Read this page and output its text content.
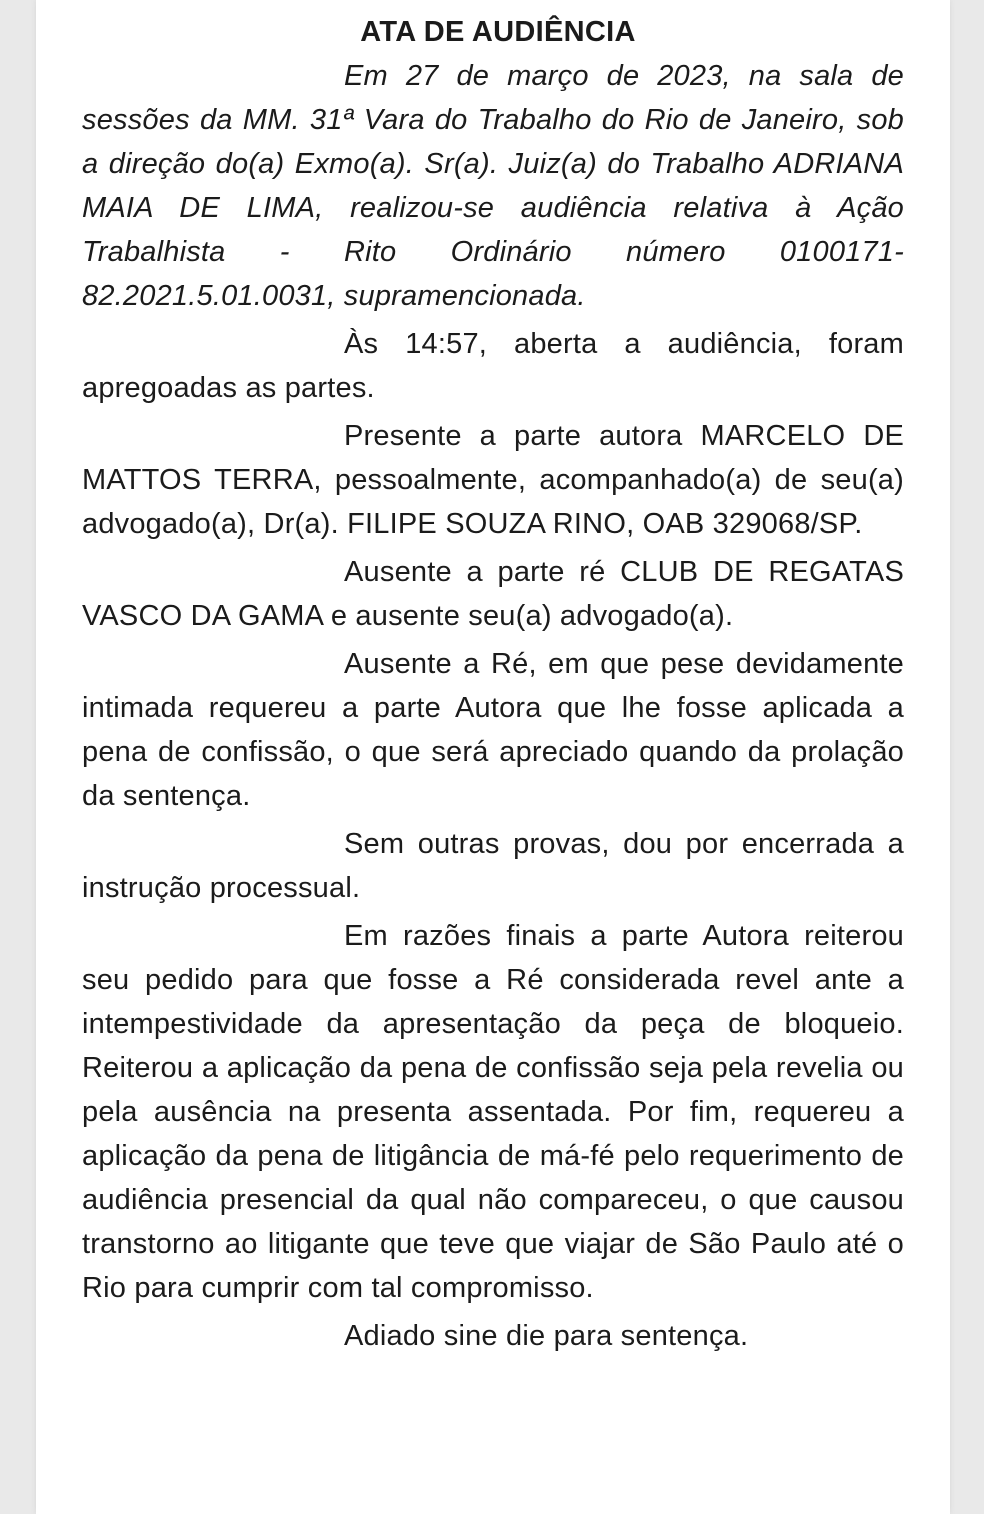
ATA DE AUDIÊNCIA

Em 27 de março de 2023, na sala de sessões da MM. 31ª Vara do Trabalho do Rio de Janeiro, sob a direção do(a) Exmo(a). Sr(a). Juiz(a) do Trabalho ADRIANA MAIA DE LIMA, realizou-se audiência relativa à Ação Trabalhista - Rito Ordinário número 0100171-82.2021.5.01.0031, supramencionada.

Às 14:57, aberta a audiência, foram apregoadas as partes.

Presente a parte autora MARCELO DE MATTOS TERRA, pessoalmente, acompanhado(a) de seu(a) advogado(a), Dr(a). FILIPE SOUZA RINO, OAB 329068/SP.

Ausente a parte ré CLUB DE REGATAS VASCO DA GAMA e ausente seu(a) advogado(a).

Ausente a Ré, em que pese devidamente intimada requereu a parte Autora que lhe fosse aplicada a pena de confissão, o que será apreciado quando da prolação da sentença.

Sem outras provas, dou por encerrada a instrução processual.

Em razões finais a parte Autora reiterou seu pedido para que fosse a Ré considerada revel ante a intempestividade da apresentação da peça de bloqueio. Reiterou a aplicação da pena de confissão seja pela revelia ou pela ausência na presenta assentada. Por fim, requereu a aplicação da pena de litigância de má-fé pelo requerimento de audiência presencial da qual não compareceu, o que causou transtorno ao litigante que teve que viajar de São Paulo até o Rio para cumprir com tal compromisso.

Adiado sine die para sentença.
